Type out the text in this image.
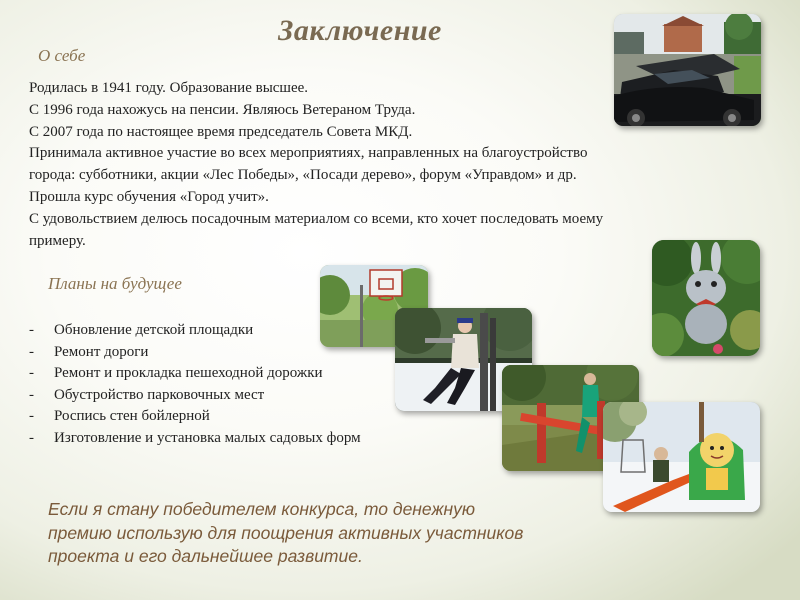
Заключение
О себе
Родилась в 1941 году. Образование высшее.
С 1996 года нахожусь на пенсии. Являюсь Ветераном Труда.
С 2007 года по настоящее время председатель Совета МКД.
Принимала активное участие во всех мероприятиях, направленных на благоустройство
города: субботники, акции «Лес Победы», «Посади дерево», форум «Управдом» и др.
Прошла курс обучения «Город учит».
С удовольствием делюсь посадочным материалом со всеми, кто хочет последовать моему
примеру.
Планы на будущее
- Обновление детской площадки
- Ремонт дороги
- Ремонт и прокладка пешеходной дорожки
- Обустройство парковочных мест
- Роспись стен бойлерной
- Изготовление и установка малых садовых форм
Если я стану победителем конкурса, то денежную
премию использую для поощрения активных участников
проекта и его дальнейшее развитие.
